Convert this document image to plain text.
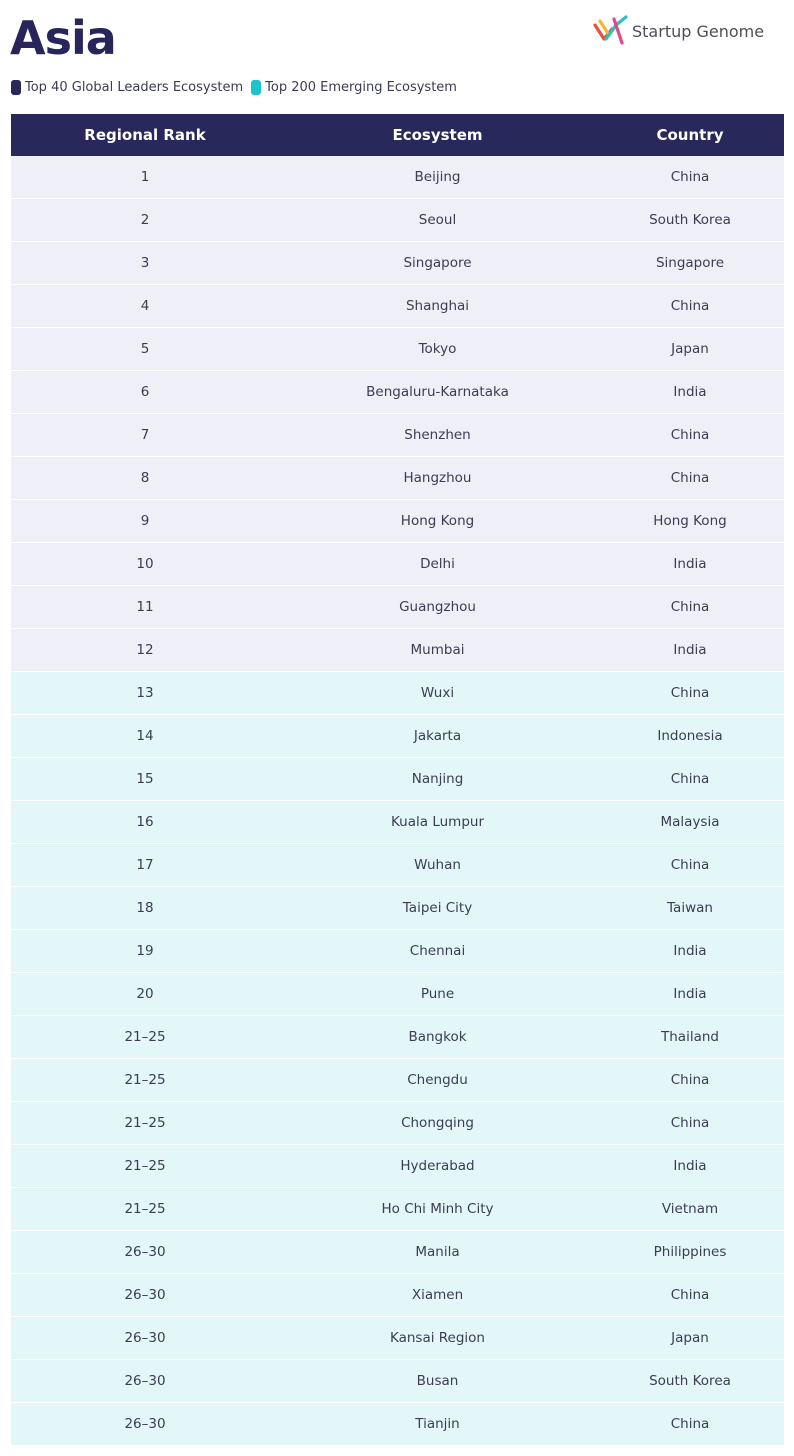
Asia	Startup Genome
Top 40 Global Leaders Ecosystem Top 200 Emerging Ecosystem
Regional Rank	Ecosystem	Country
1	Beijing	China
2	Seoul	South Korea
3	Singapore	Singapore
4	Shanghai	China
5	Tokyo	Japan
6	Bengaluru-Karnataka	India
7	Shenzhen	China
8	Hangzhou	China
9	Hong Kong	Hong Kong
10	Delhi	India
11	Guangzhou	China
12	Mumbai	India
13	Wuxi	China
14	Jakarta	Indonesia
15	Nanjing	China
16	Kuala Lumpur	Malaysia
17	Wuhan	China
18	Taipei City	Taiwan
19	Chennai	India
20	Pune	India
21–25	Bangkok	Thailand
21–25	Chengdu	China
21–25	Chongqing	China
21–25	Hyderabad	India
21–25	Ho Chi Minh City	Vietnam
26–30	Manila	Philippines
26–30	Xiamen	China
26–30	Kansai Region	Japan
26–30	Busan	South Korea
26–30	Tianjin	China
